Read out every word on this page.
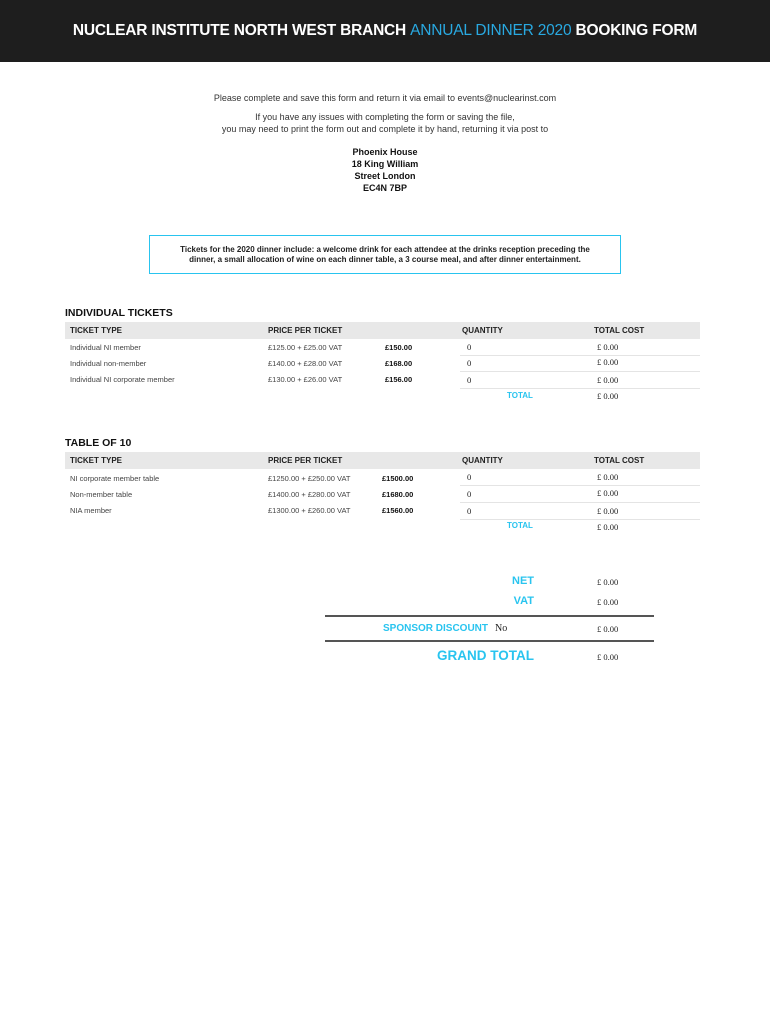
NUCLEAR INSTITUTE NORTH WEST BRANCH
ANNUAL DINNER 2020
BOOKING FORM
Please complete and save this form and return it via email to events@nuclearinst.com
If you have any issues with completing the form or saving the file,
you may need to print the form out and complete it by hand, returning it via post to
Phoenix House
18 King William
Street London
EC4N 7BP
Tickets for the 2020 dinner include: a welcome drink for each attendee at the drinks reception preceding the
dinner, a small allocation of wine on each dinner table, a 3 course meal, and after dinner entertainment.
INDIVIDUAL TICKETS
TICKET TYPE	PRICE PER TICKET	QUANTITY	TOTAL COST
Individual NI member	£125.00 + £25.00 VAT	£150.00	0	£ 0.00
Individual non-member	£140.00 + £28.00 VAT	£168.00	0	£ 0.00
Individual NI corporate member	£130.00 + £26.00 VAT	£156.00	0	£ 0.00
TOTAL	£ 0.00
TABLE OF 10
TICKET TYPE	PRICE PER TICKET	QUANTITY	TOTAL COST
NI corporate member table	£1250.00 + £250.00 VAT	£1500.00	0	£ 0.00
Non-member table	£1400.00 + £280.00 VAT	£1680.00	0	£ 0.00
NIA member	£1300.00 + £260.00 VAT	£1560.00	0	£ 0.00
TOTAL	£ 0.00
NET	£ 0.00
VAT	£ 0.00
SPONSOR DISCOUNT No	£ 0.00
GRAND TOTAL	£ 0.00
